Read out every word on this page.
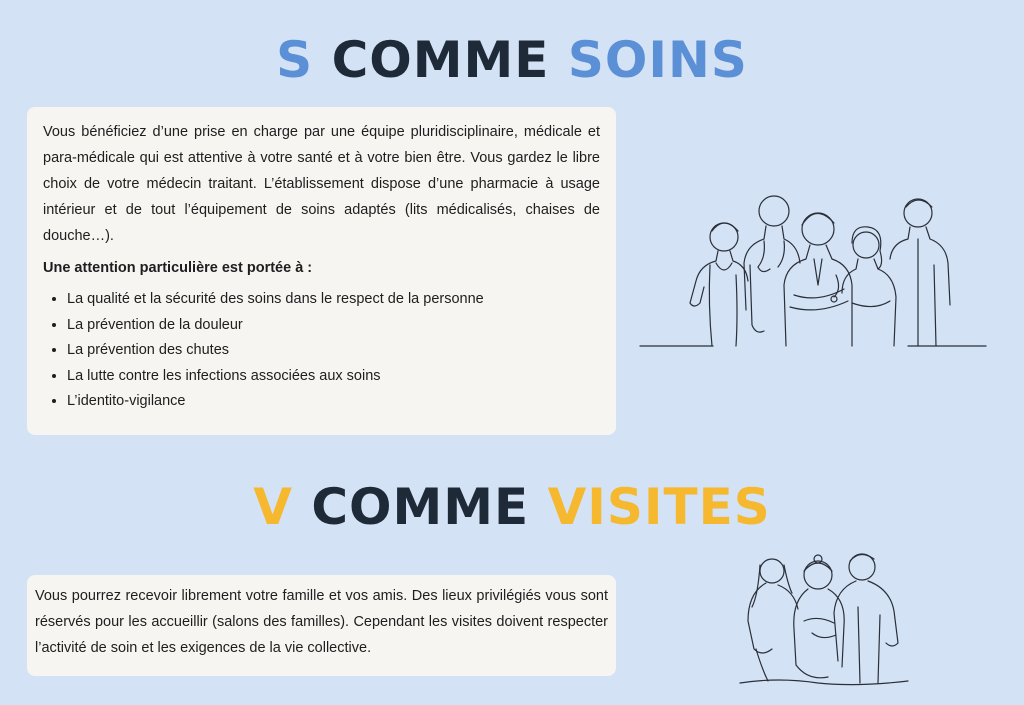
S COMME SOINS

Vous bénéficiez d’une prise en charge par une équipe pluridisciplinaire, médicale et para-médicale qui est attentive à votre santé et à votre bien être. Vous gardez le libre choix de votre médecin traitant. L’établissement dispose d’une pharmacie à usage intérieur et de tout l’équipement de soins adaptés (lits médicalisés, chaises de douche…).

Une attention particulière est portée à :

• La qualité et la sécurité des soins dans le respect de la personne
• La prévention de la douleur
• La prévention des chutes
• La lutte contre les infections associées aux soins
• L’identito-vigilance
V COMME VISITES

Vous pourrez recevoir librement votre famille et vos amis. Des lieux privilégiés vous sont réservés pour les accueillir (salons des familles). Cependant les visites doivent respecter l’activité de soin et les exigences de la vie collective.
